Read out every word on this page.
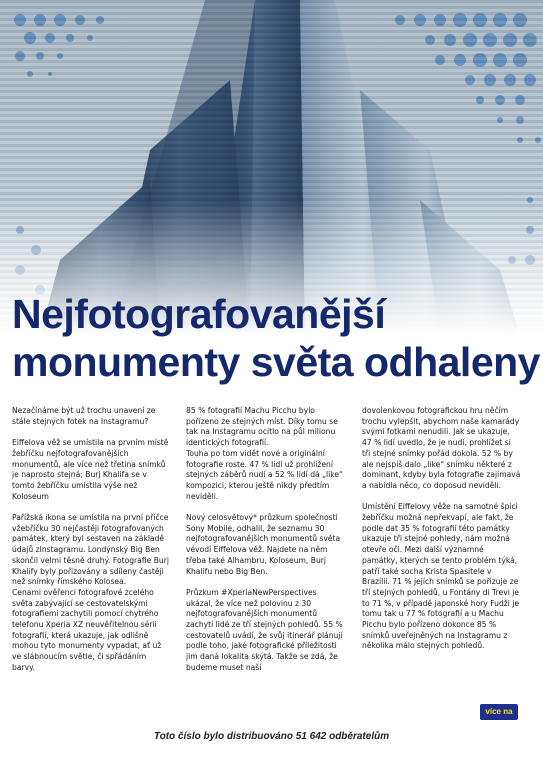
Nejfotografovanější
monumenty světa odhaleny

Nezačínáme být už trochu unavení ze stále stejných fotek na Instagramu?

Eiffelova věž se umístila na prvním místě žebříčku nejfotografovanějších monumentů, ale více než třetina snímků je naprosto stejná; Burj Khalifa se v tomto žebříčku umístila výše než Koloseum

Pařížská ikona se umístila na první příčce vžebříčku 30 nejčastěji fotografovaných památek, který byl sestaven na základě údajů zInstagramu. Londýnský Big Ben skončil velmi těsně druhý. Fotografie Burj Khalify byly pořizovány a sdíleny častěji než snímky římského Kolosea.
Cenami ověřenci fotografové zcelého světa zabývající se cestovatelskými fotografiemi zachytili pomocí chytrého telefonu Xperia XZ neuvěřitelnou sérii fotografií, která ukazuje, jak odlišně mohou tyto monumenty vypadat, ať už ve slábnoucím světle, či spřádáním barvy.

85 % fotografií Machu Picchu bylo pořízeno ze stejných míst. Díky tomu se tak na Instagramu ocitlo na půl milionu identických fotografií.
Touha po tom vidět nové a originální fotografie roste. 47 % lidí už prohlížení stejných záběrů nudí a 52 % lidí dá „like“ kompozici, kterou ještě nikdy předtím neviděli.

Nový celosvětový* průzkum společnosti Sony Mobile, odhalil, že seznamu 30 nejfotografovanějších monumentů světa vévodí Eiffelova věž. Najdete na něm třeba také Alhambru, Koloseum, Burj Khalifu nebo Big Ben.

Průzkum #XperiaNewPerspectives ukázal, že více než polovinu z 30 nejfotografovanějších monumentů zachytí lidé ze tří stejných pohledů. 55 % cestovatelů uvádí, že svůj itinerář plánují podle toho, jaké fotografické příležitosti jim daná lokalita skýtá. Takže se zdá, že budeme muset naší

dovolenkovou fotografickou hru něčím trochu vylepšit, abychom naše kamarády svými fotkami nenudili. Jak se ukazuje, 47 % lidí uvedlo, že je nudí, prohlížet si tři stejné snímky pořád dokola. 52 % by ale nejspíš dalo „like“ snímku některé z dominant, kdyby byla fotografie zajímavá a nabídla něco, co doposud neviděli.

Umístění Eiffelovy věže na samotné špici žebříčku možná nepřekvapí, ale fakt, že podle dat 35 % fotografií této památky ukazuje tři stejné pohledy, nám možná otevře oči. Mezi další významné památky, kterých se tento problém týká, patří také socha Krista Spasitele v Brazílii. 71 % jejích snímků se pořizuje ze tří stejných pohledů, u Fontány di Trevi je to 71 %, v případě japonské hory Fudži je tomu tak u 77 % fotografií a u Machu Picchu bylo pořízeno dokonce 85 % snímků uveřejněných na Instagramu z několika málo stejných pohledů.

více na
Toto číslo bylo distribuováno 51 642 odběratelům
